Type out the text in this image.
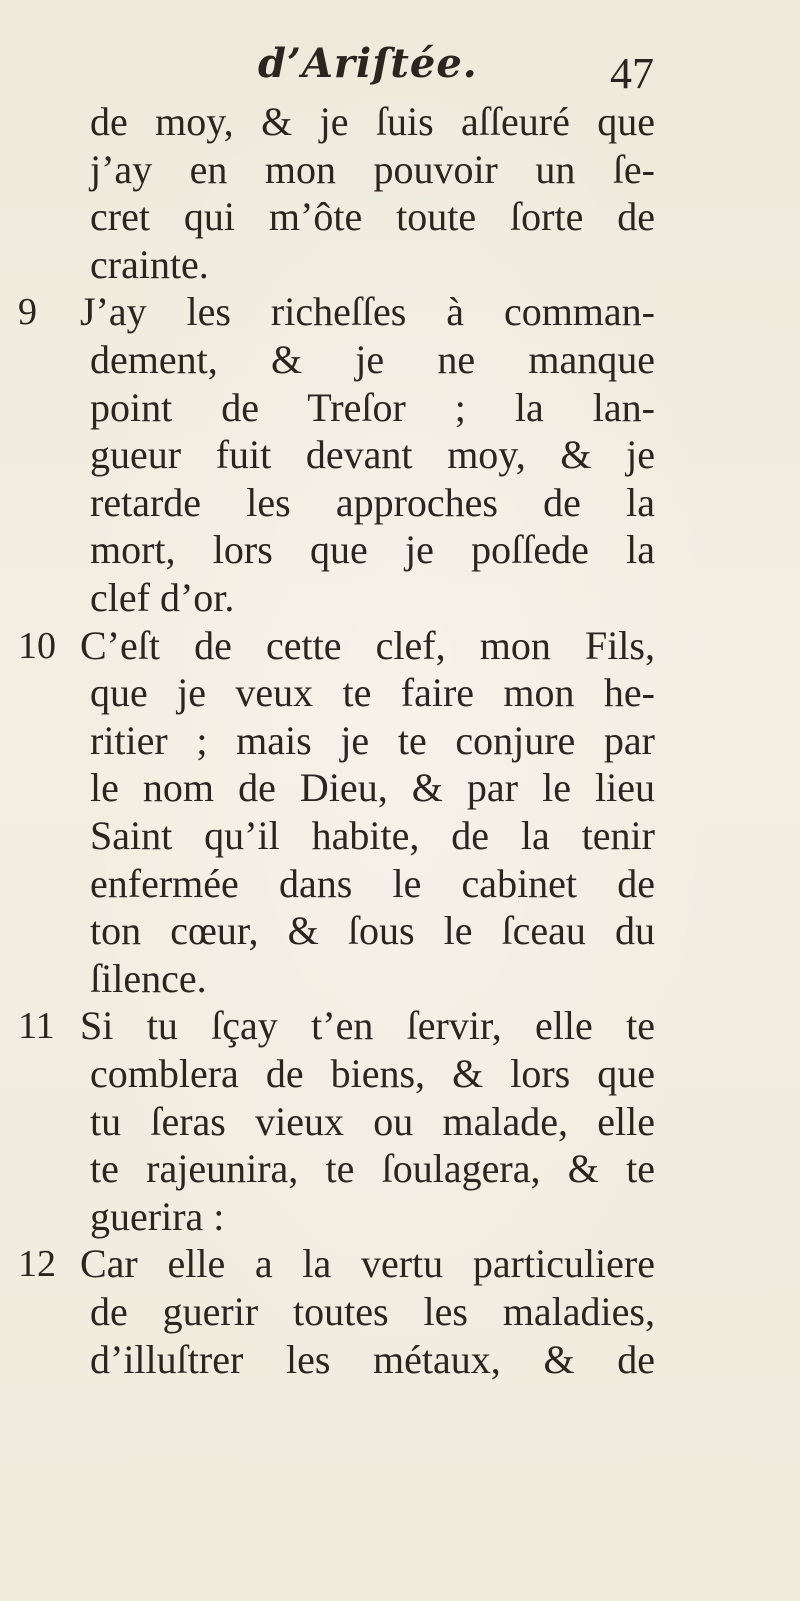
d’Ariſtée.	47
de moy, & je ſuis aſſeuré que
j’ay en mon pouvoir un ſe-
cret qui m’ôte toute ſorte de
crainte.
9 J’ay les richeſſes à comman-
dement, & je ne manque
point de Treſor ; la lan-
gueur fuit devant moy, & je
retarde les approches de la
mort, lors que je poſſede la
clef d’or.
10 C’eſt de cette clef, mon Fils,
que je veux te faire mon he-
ritier ; mais je te conjure par
le nom de Dieu, & par le lieu
Saint qu’il habite, de la tenir
enfermée dans le cabinet de
ton cœur, & ſous le ſceau du
ſilence.
11 Si tu ſçay t’en ſervir, elle te
comblera de biens, & lors que
tu ſeras vieux ou malade, elle
te rajeunira, te ſoulagera, & te
guerira :
12 Car elle a la vertu particuliere
de guerir toutes les maladies,
d’illuſtrer les métaux, & de
